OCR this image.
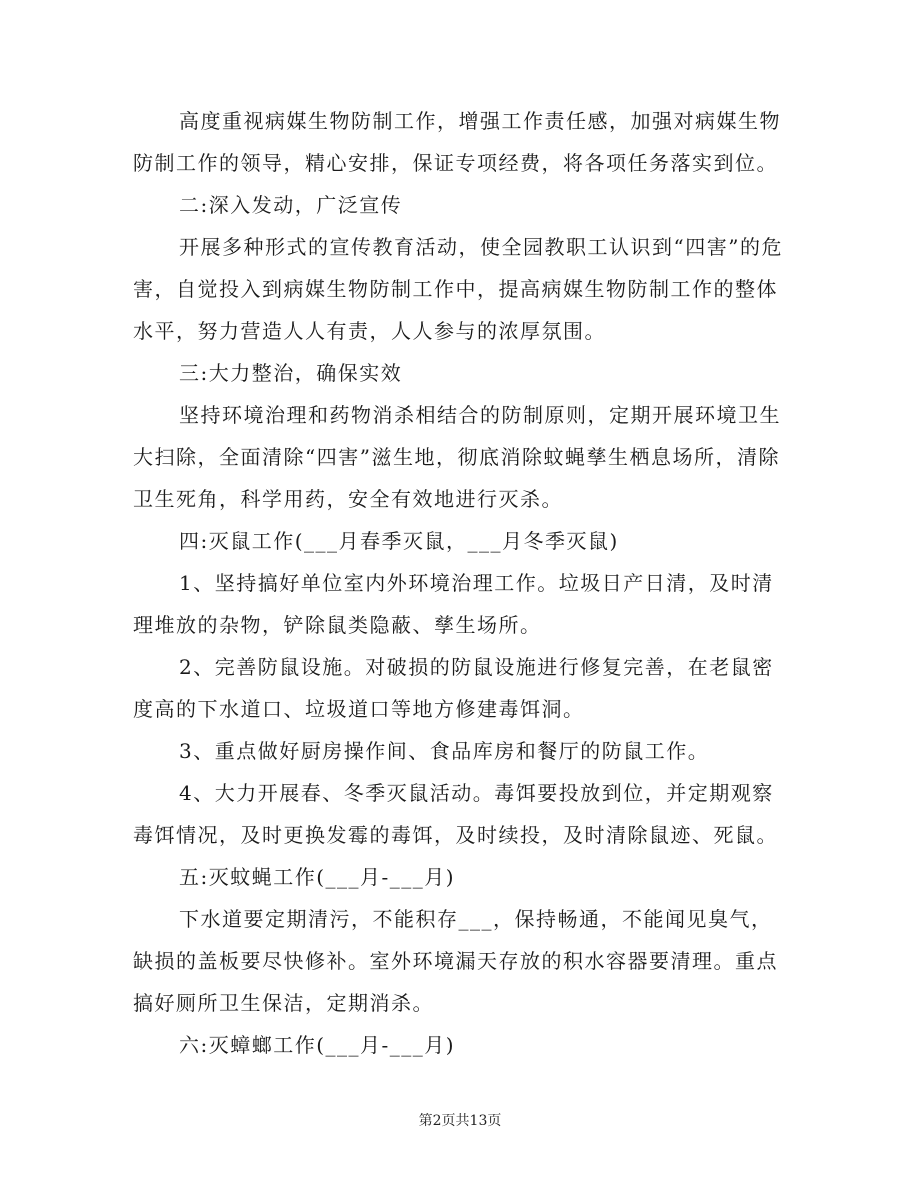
高度重视病媒生物防制工作，增强工作责任感，加强对病媒生物防制工作的领导，精心安排，保证专项经费，将各项任务落实到位。

二:深入发动，广泛宣传

开展多种形式的宣传教育活动，使全园教职工认识到“四害”的危害，自觉投入到病媒生物防制工作中，提高病媒生物防制工作的整体水平，努力营造人人有责，人人参与的浓厚氛围。

三:大力整治，确保实效

坚持环境治理和药物消杀相结合的防制原则，定期开展环境卫生大扫除，全面清除“四害”滋生地，彻底消除蚊蝇孳生栖息场所，清除卫生死角，科学用药，安全有效地进行灭杀。

四:灭鼠工作(___月春季灭鼠，___月冬季灭鼠)

1、坚持搞好单位室内外环境治理工作。垃圾日产日清，及时清理堆放的杂物，铲除鼠类隐蔽、孳生场所。

2、完善防鼠设施。对破损的防鼠设施进行修复完善，在老鼠密度高的下水道口、垃圾道口等地方修建毒饵洞。

3、重点做好厨房操作间、食品库房和餐厅的防鼠工作。

4、大力开展春、冬季灭鼠活动。毒饵要投放到位，并定期观察毒饵情况，及时更换发霉的毒饵，及时续投，及时清除鼠迹、死鼠。

五:灭蚊蝇工作(___月-___月)

下水道要定期清污，不能积存___，保持畅通，不能闻见臭气，缺损的盖板要尽快修补。室外环境漏天存放的积水容器要清理。重点搞好厕所卫生保洁，定期消杀。

六:灭蟑螂工作(___月-___月)

第2页共13页
